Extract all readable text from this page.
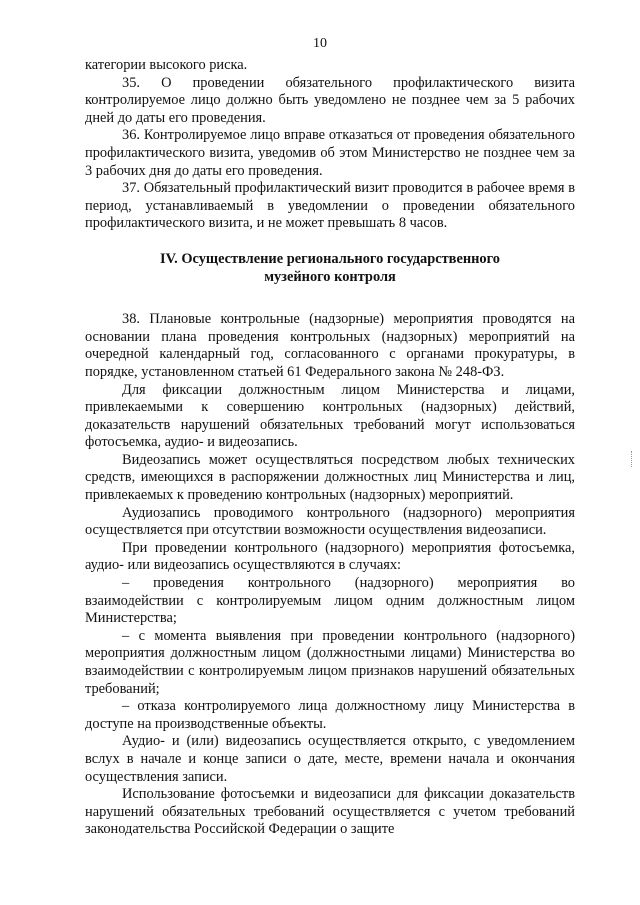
10

категории высокого риска.

35. О проведении обязательного профилактического визита контролируемое лицо должно быть уведомлено не позднее чем за 5 рабочих дней до даты его проведения.

36. Контролируемое лицо вправе отказаться от проведения обязательного профилактического визита, уведомив об этом Министерство не позднее чем за 3 рабочих дня до даты его проведения.

37. Обязательный профилактический визит проводится в рабочее время в период, устанавливаемый в уведомлении о проведении обязательного профилактического визита, и не может превышать 8 часов.

IV. Осуществление регионального государственного
музейного контроля

38. Плановые контрольные (надзорные) мероприятия проводятся на основании плана проведения контрольных (надзорных) мероприятий на очередной календарный год, согласованного с органами прокуратуры, в порядке, установленном статьей 61 Федерального закона № 248-ФЗ.

Для фиксации должностным лицом Министерства и лицами, привлекаемыми к совершению контрольных (надзорных) действий, доказательств нарушений обязательных требований могут использоваться фотосъемка, аудио- и видеозапись.

Видеозапись может осуществляться посредством любых технических средств, имеющихся в распоряжении должностных лиц Министерства и лиц, привлекаемых к проведению контрольных (надзорных) мероприятий.

Аудиозапись проводимого контрольного (надзорного) мероприятия осуществляется при отсутствии возможности осуществления видеозаписи.

При проведении контрольного (надзорного) мероприятия фотосъемка, аудио- или видеозапись осуществляются в случаях:

– проведения контрольного (надзорного) мероприятия во взаимодействии с контролируемым лицом одним должностным лицом Министерства;

– с момента выявления при проведении контрольного (надзорного) мероприятия должностным лицом (должностными лицами) Министерства во взаимодействии с контролируемым лицом признаков нарушений обязательных требований;

– отказа контролируемого лица должностному лицу Министерства в доступе на производственные объекты.

Аудио- и (или) видеозапись осуществляется открыто, с уведомлением вслух в начале и конце записи о дате, месте, времени начала и окончания осуществления записи.

Использование фотосъемки и видеозаписи для фиксации доказательств нарушений обязательных требований осуществляется с учетом требований законодательства Российской Федерации о защите
